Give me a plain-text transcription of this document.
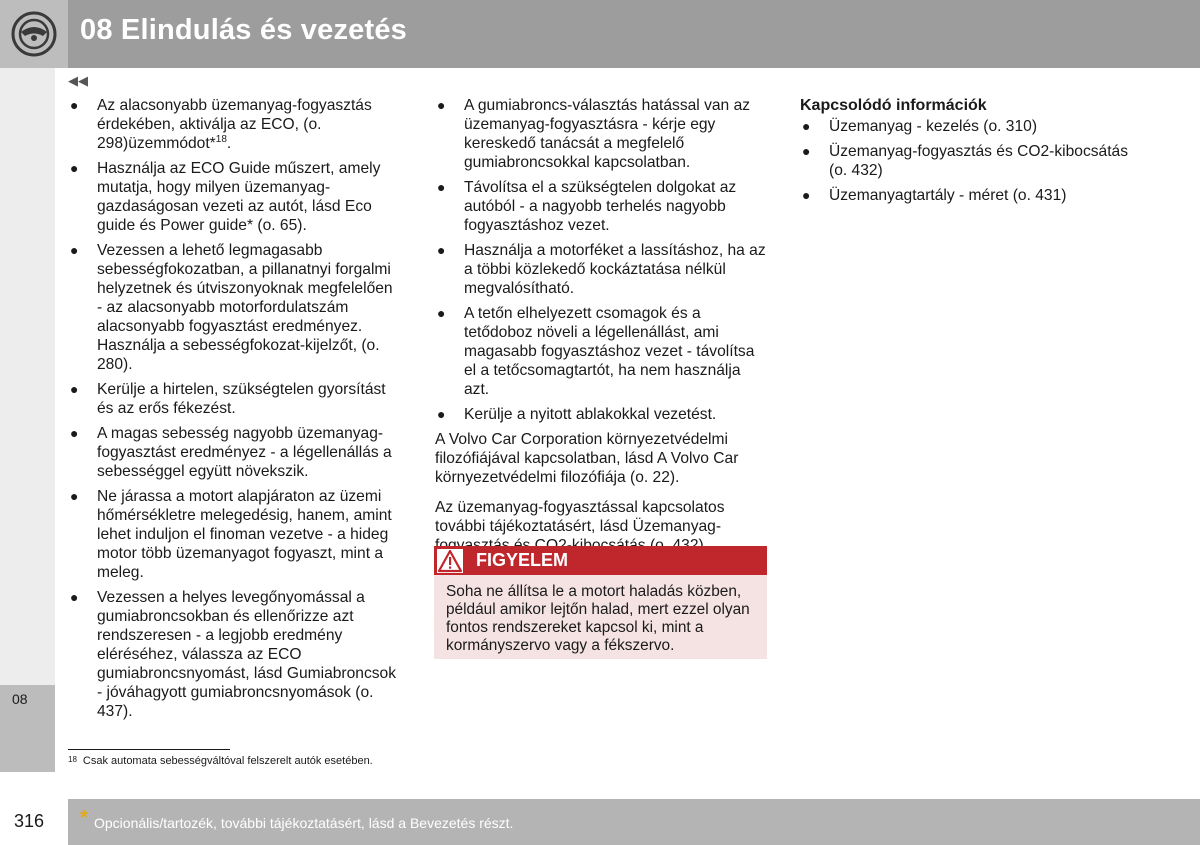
08 Elindulás és vezetés
08
◀◀
● Az alacsonyabb üzemanyag-fogyasztás érdekében, aktiválja az ECO, (o. 298)üzemmódot*$^{18}$.
● Használja az ECO Guide műszert, amely mutatja, hogy milyen üzemanyag-gazdaságosan vezeti az autót, lásd Eco guide és Power guide* (o. 65).
● Vezessen a lehető legmagasabb sebességfokozatban, a pillanatnyi forgalmi helyzetnek és útviszonyoknak megfelelően - az alacsonyabb motorfordulatszám alacsonyabb fogyasztást eredményez. Használja a sebességfokozat-kijelzőt, (o. 280).
● Kerülje a hirtelen, szükségtelen gyorsítást és az erős fékezést.
● A magas sebesség nagyobb üzemanyag-fogyasztást eredményez - a légellenállás a sebességgel együtt növekszik.
● Ne járassa a motort alapjáraton az üzemi hőmérsékletre melegedésig, hanem, amint lehet induljon el finoman vezetve - a hideg motor több üzemanyagot fogyaszt, mint a meleg.
● Vezessen a helyes levegőnyomással a gumiabroncsokban és ellenőrizze azt rendszeresen - a legjobb eredmény eléréséhez, válassza az ECO gumiabroncsnyomást, lásd Gumiabroncsok - jóváhagyott gumiabroncsnyomások (o. 437).
● A gumiabroncs-választás hatással van az üzemanyag-fogyasztásra - kérje egy kereskedő tanácsát a megfelelő gumiabroncsokkal kapcsolatban.
● Távolítsa el a szükségtelen dolgokat az autóból - a nagyobb terhelés nagyobb fogyasztáshoz vezet.
● Használja a motorféket a lassításhoz, ha az a többi közlekedő kockáztatása nélkül megvalósítható.
● A tetőn elhelyezett csomagok és a tetődoboz növeli a légellenállást, ami magasabb fogyasztáshoz vezet - távolítsa el a tetőcsomagtartót, ha nem használja azt.
● Kerülje a nyitott ablakokkal vezetést.

A Volvo Car Corporation környezetvédelmi filozófiájával kapcsolatban, lásd A Volvo Car környezetvédelmi filozófiája (o. 22).

Az üzemanyag-fogyasztással kapcsolatos további tájékoztatásért, lásd Üzemanyag-

FIGYELEM
Soha ne állítsa le a motort haladás közben, például amikor lejtőn halad, mert ezzel olyan fontos rendszereket kapcsol ki, mint a kormányszervo vagy a fékszervo.
Kapcsolódó információk
● Üzemanyag - kezelés (o. 310)
● Üzemanyag-fogyasztás és CO2-kibocsátás (o. 432)
● Üzemanyagtartály - méret (o. 431)
$^{18}$ Csak automata sebességváltóval felszerelt autók esetében.
316 * Opcionális/tartozék, további tájékoztatásért, lásd a Bevezetés részt.
